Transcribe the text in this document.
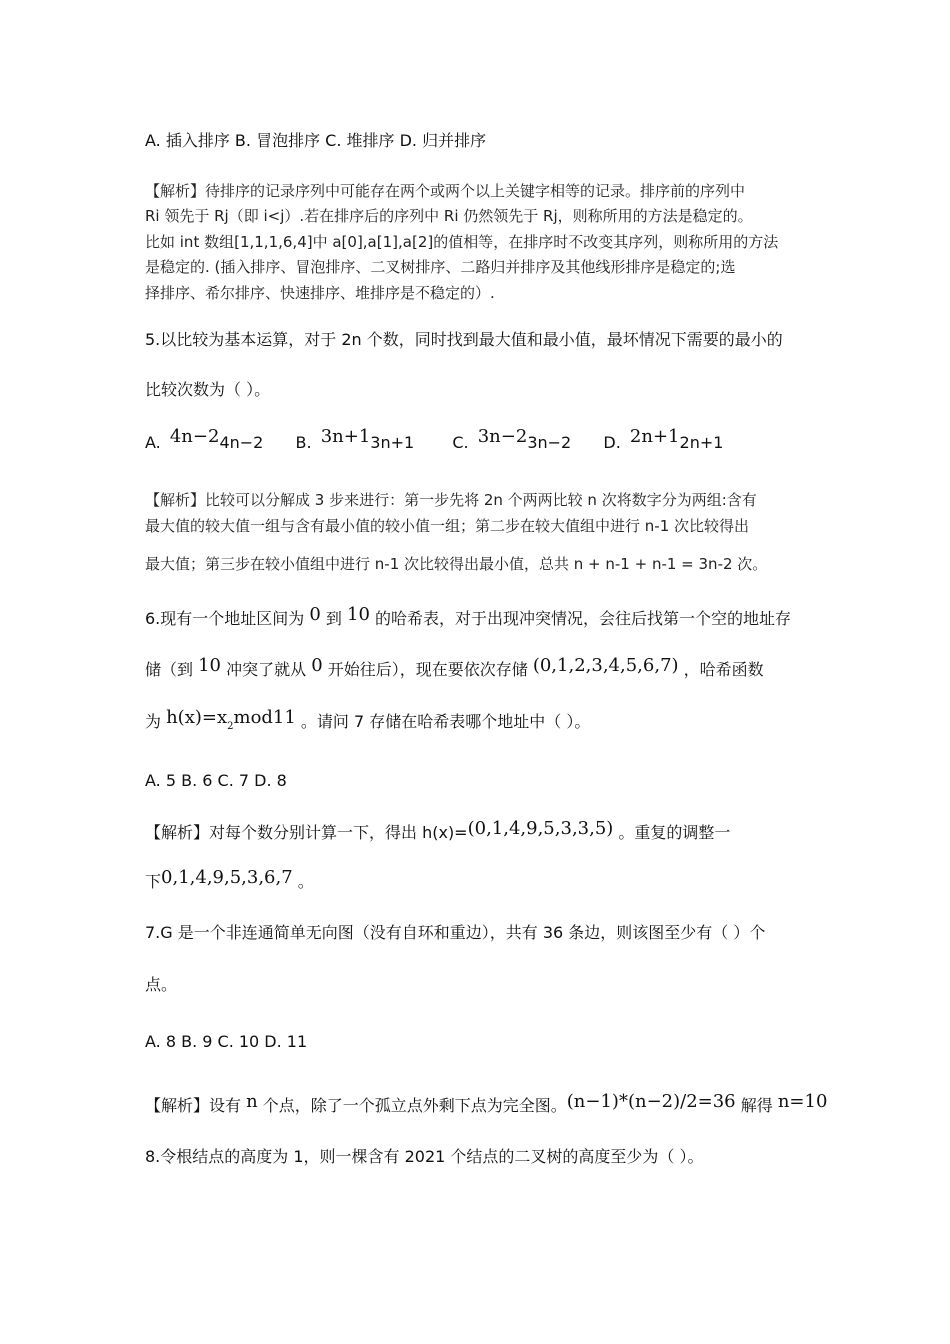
A. 插入排序 B. 冒泡排序 C. 堆排序 D. 归并排序
【解析】待排序的记录序列中可能存在两个或两个以上关键字相等的记录。排序前的序列中
Ri 领先于 Rj（即 i<j）.若在排序后的序列中 Ri 仍然领先于 Rj，则称所用的方法是稳定的。
比如 int 数组[1,1,1,6,4]中 a[0],a[1],a[2]的值相等，在排序时不改变其序列，则称所用的方法
是稳定的. (插入排序、冒泡排序、二叉树排序、二路归并排序及其他线形排序是稳定的;选
择排序、希尔排序、快速排序、堆排序是不稳定的）.
5.以比较为基本运算，对于 2n 个数，同时找到最大值和最小值，最坏情况下需要的最小的
比较次数为（ ）。
A. 4n−24n−2 B. 3n+13n+1 C. 3n−23n−2 D. 2n+12n+1
【解析】比较可以分解成 3 步来进行：第一步先将 2n 个两两比较 n 次将数字分为两组:含有
最大值的较大值一组与含有最小值的较小值一组；第二步在较大值组中进行 n-1 次比较得出
最大值；第三步在较小值组中进行 n-1 次比较得出最小值，总共 n + n-1 + n-1 = 3n-2 次。
6.现有一个地址区间为 0 到 10 的哈希表，对于出现冲突情况，会往后找第一个空的地址存
储（到 10 冲突了就从 0 开始往后），现在要依次存储 (0,1,2,3,4,5,6,7) ，哈希函数
为 h(x)=x2mod11 。请问 7 存储在哈希表哪个地址中（ ）。
A. 5 B. 6 C. 7 D. 8
【解析】对每个数分别计算一下，得出 h(x)=(0,1,4,9,5,3,3,5) 。重复的调整一
下0,1,4,9,5,3,6,7 。
7.G 是一个非连通简单无向图（没有自环和重边），共有 36 条边，则该图至少有（ ）个
点。
A. 8 B. 9 C. 10 D. 11
【解析】设有 n 个点，除了一个孤立点外剩下点为完全图。(n−1)*(n−2)/2=36 解得 n=10
8.令根结点的高度为 1，则一棵含有 2021 个结点的二叉树的高度至少为（ ）。
